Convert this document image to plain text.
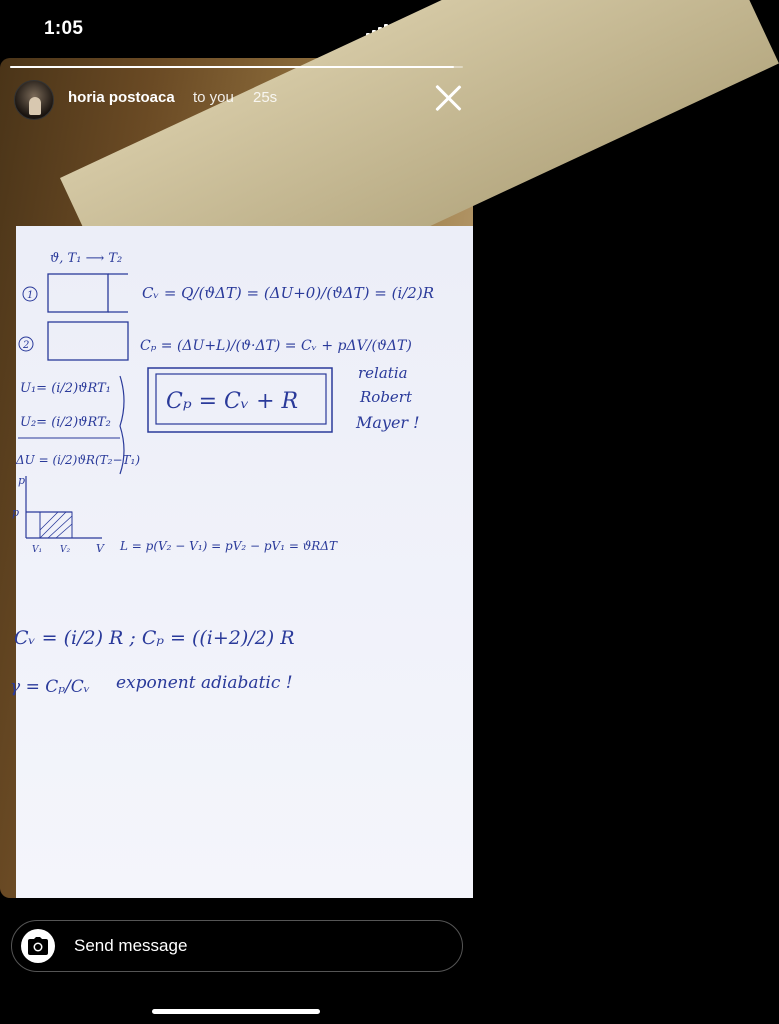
1:05
horia postoaca to you 25s
ϑ, T₁ ⟶ T₂
1
2
Cᵥ = Q/(ϑΔT) = (ΔU+0)/(ϑΔT) = (i/2)R
Cₚ = (ΔU+L)/(ϑ·ΔT) = Cᵥ + pΔV/(ϑΔT)
U₁= (i/2)ϑRT₁
U₂= (i/2)ϑRT₂
ΔU = (i/2)ϑR(T₂−T₁)
Cₚ = Cᵥ + R
relatia
Robert
Mayer !
p
p
V
V₁ V₂	L = p(V₂ − V₁) = pV₂ − pV₁ = ϑRΔT
Cᵥ = (i/2) R ; Cₚ = ((i+2)/2) R
γ = Cₚ/Cᵥ exponent adiabatic !
Send message
